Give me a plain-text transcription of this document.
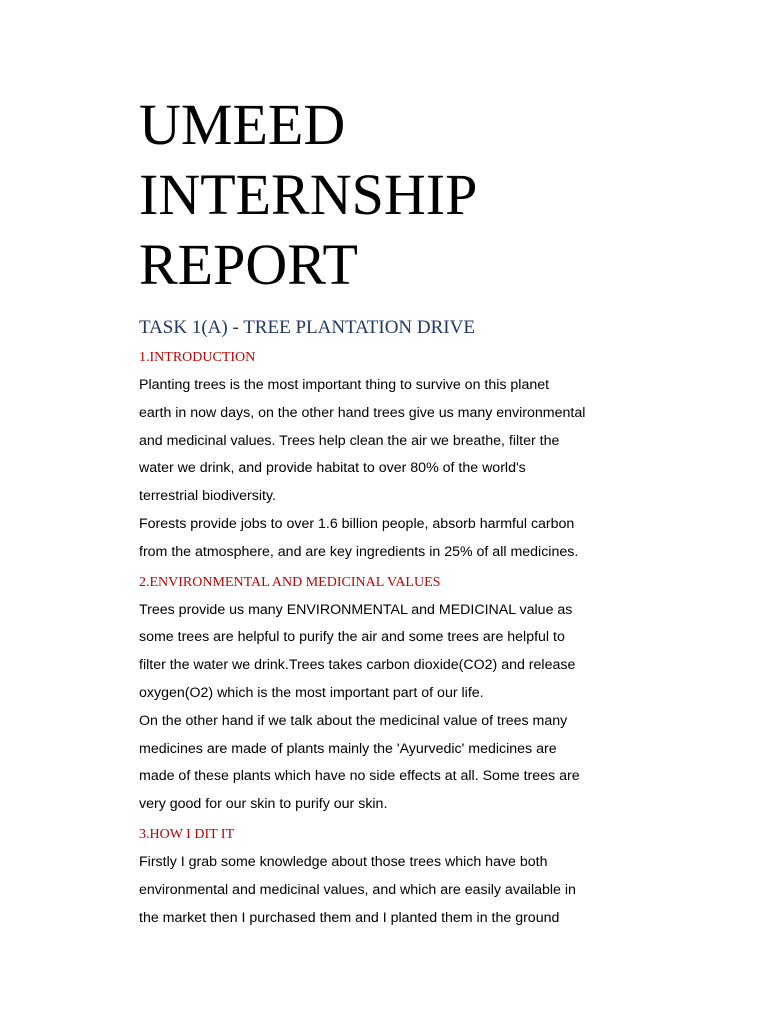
UMEED
INTERNSHIP
REPORT
TASK 1(A) - TREE PLANTATION DRIVE
1.INTRODUCTION
Planting trees is the most important thing to survive on this planet
earth in now days, on the other hand trees give us many environmental
and medicinal values. Trees help clean the air we breathe, filter the
water we drink, and provide habitat to over 80% of the world's
terrestrial biodiversity.
Forests provide jobs to over 1.6 billion people, absorb harmful carbon
from the atmosphere, and are key ingredients in 25% of all medicines.
2.ENVIRONMENTAL AND MEDICINAL VALUES
Trees provide us many ENVIRONMENTAL and MEDICINAL value as
some trees are helpful to purify the air and some trees are helpful to
filter the water we drink.Trees takes carbon dioxide(CO2) and release
oxygen(O2) which is the most important part of our life.
On the other hand if we talk about the medicinal value of trees many
medicines are made of plants mainly the 'Ayurvedic' medicines are
made of these plants which have no side effects at all. Some trees are
very good for our skin to purify our skin.
3.HOW I DIT IT
Firstly I grab some knowledge about those trees which have both
environmental and medicinal values, and which are easily available in
the market then I purchased them and I planted them in the ground
